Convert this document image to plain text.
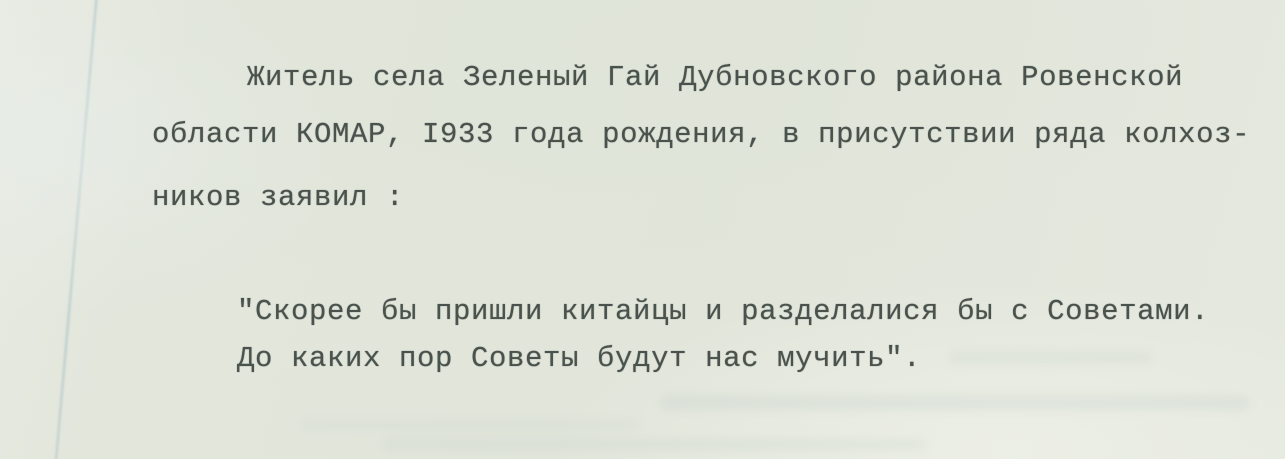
Житель села Зеленый Гай Дубновского района Ровенской
области КОМАР, I933 года рождения, в присутствии ряда колхоз-
ников заявил :
"Скорее бы пришли китайцы и разделалися бы с Советами.
До каких пор Советы будут нас мучить".
